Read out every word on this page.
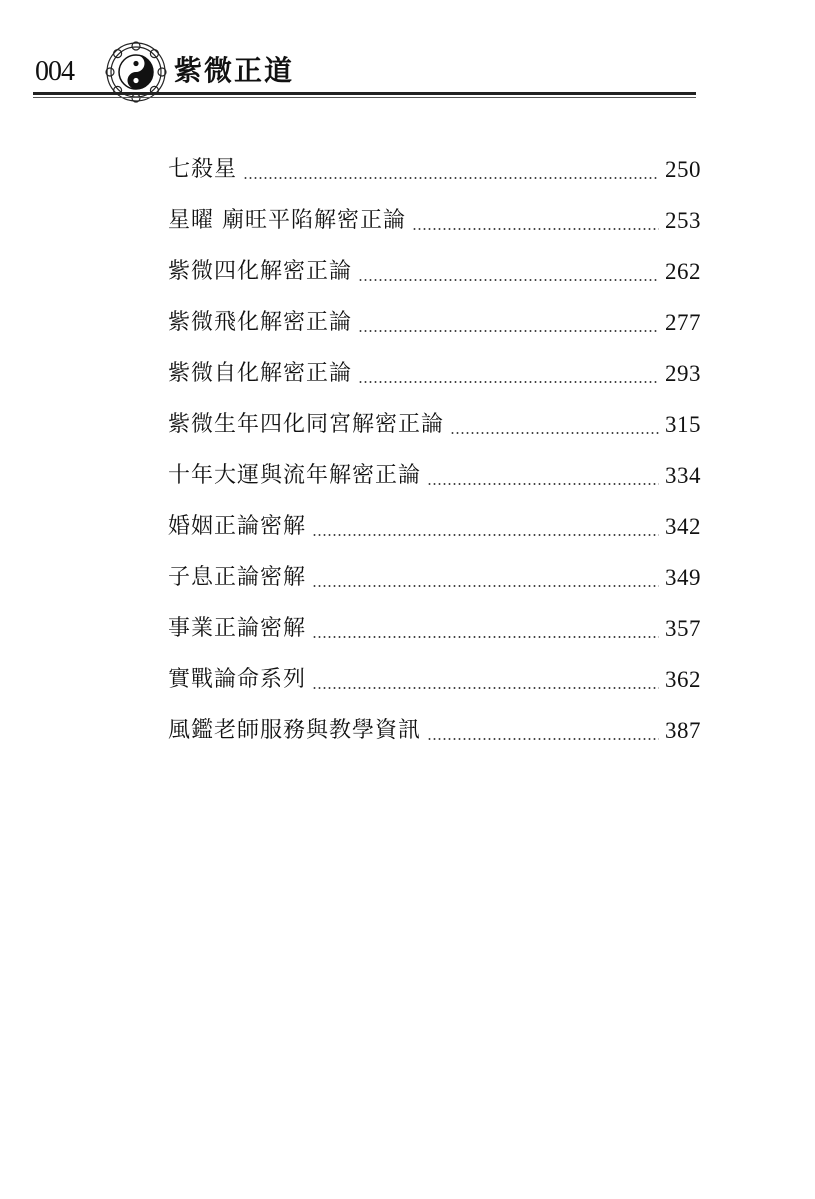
004	紫微正道
七殺星	250
星曜 廟旺平陷解密正論	253
紫微四化解密正論	262
紫微飛化解密正論	277
紫微自化解密正論	293
紫微生年四化同宮解密正論	315
十年大運與流年解密正論	334
婚姻正論密解	342
子息正論密解	349
事業正論密解	357
實戰論命系列	362
風鑑老師服務與教學資訊	387
